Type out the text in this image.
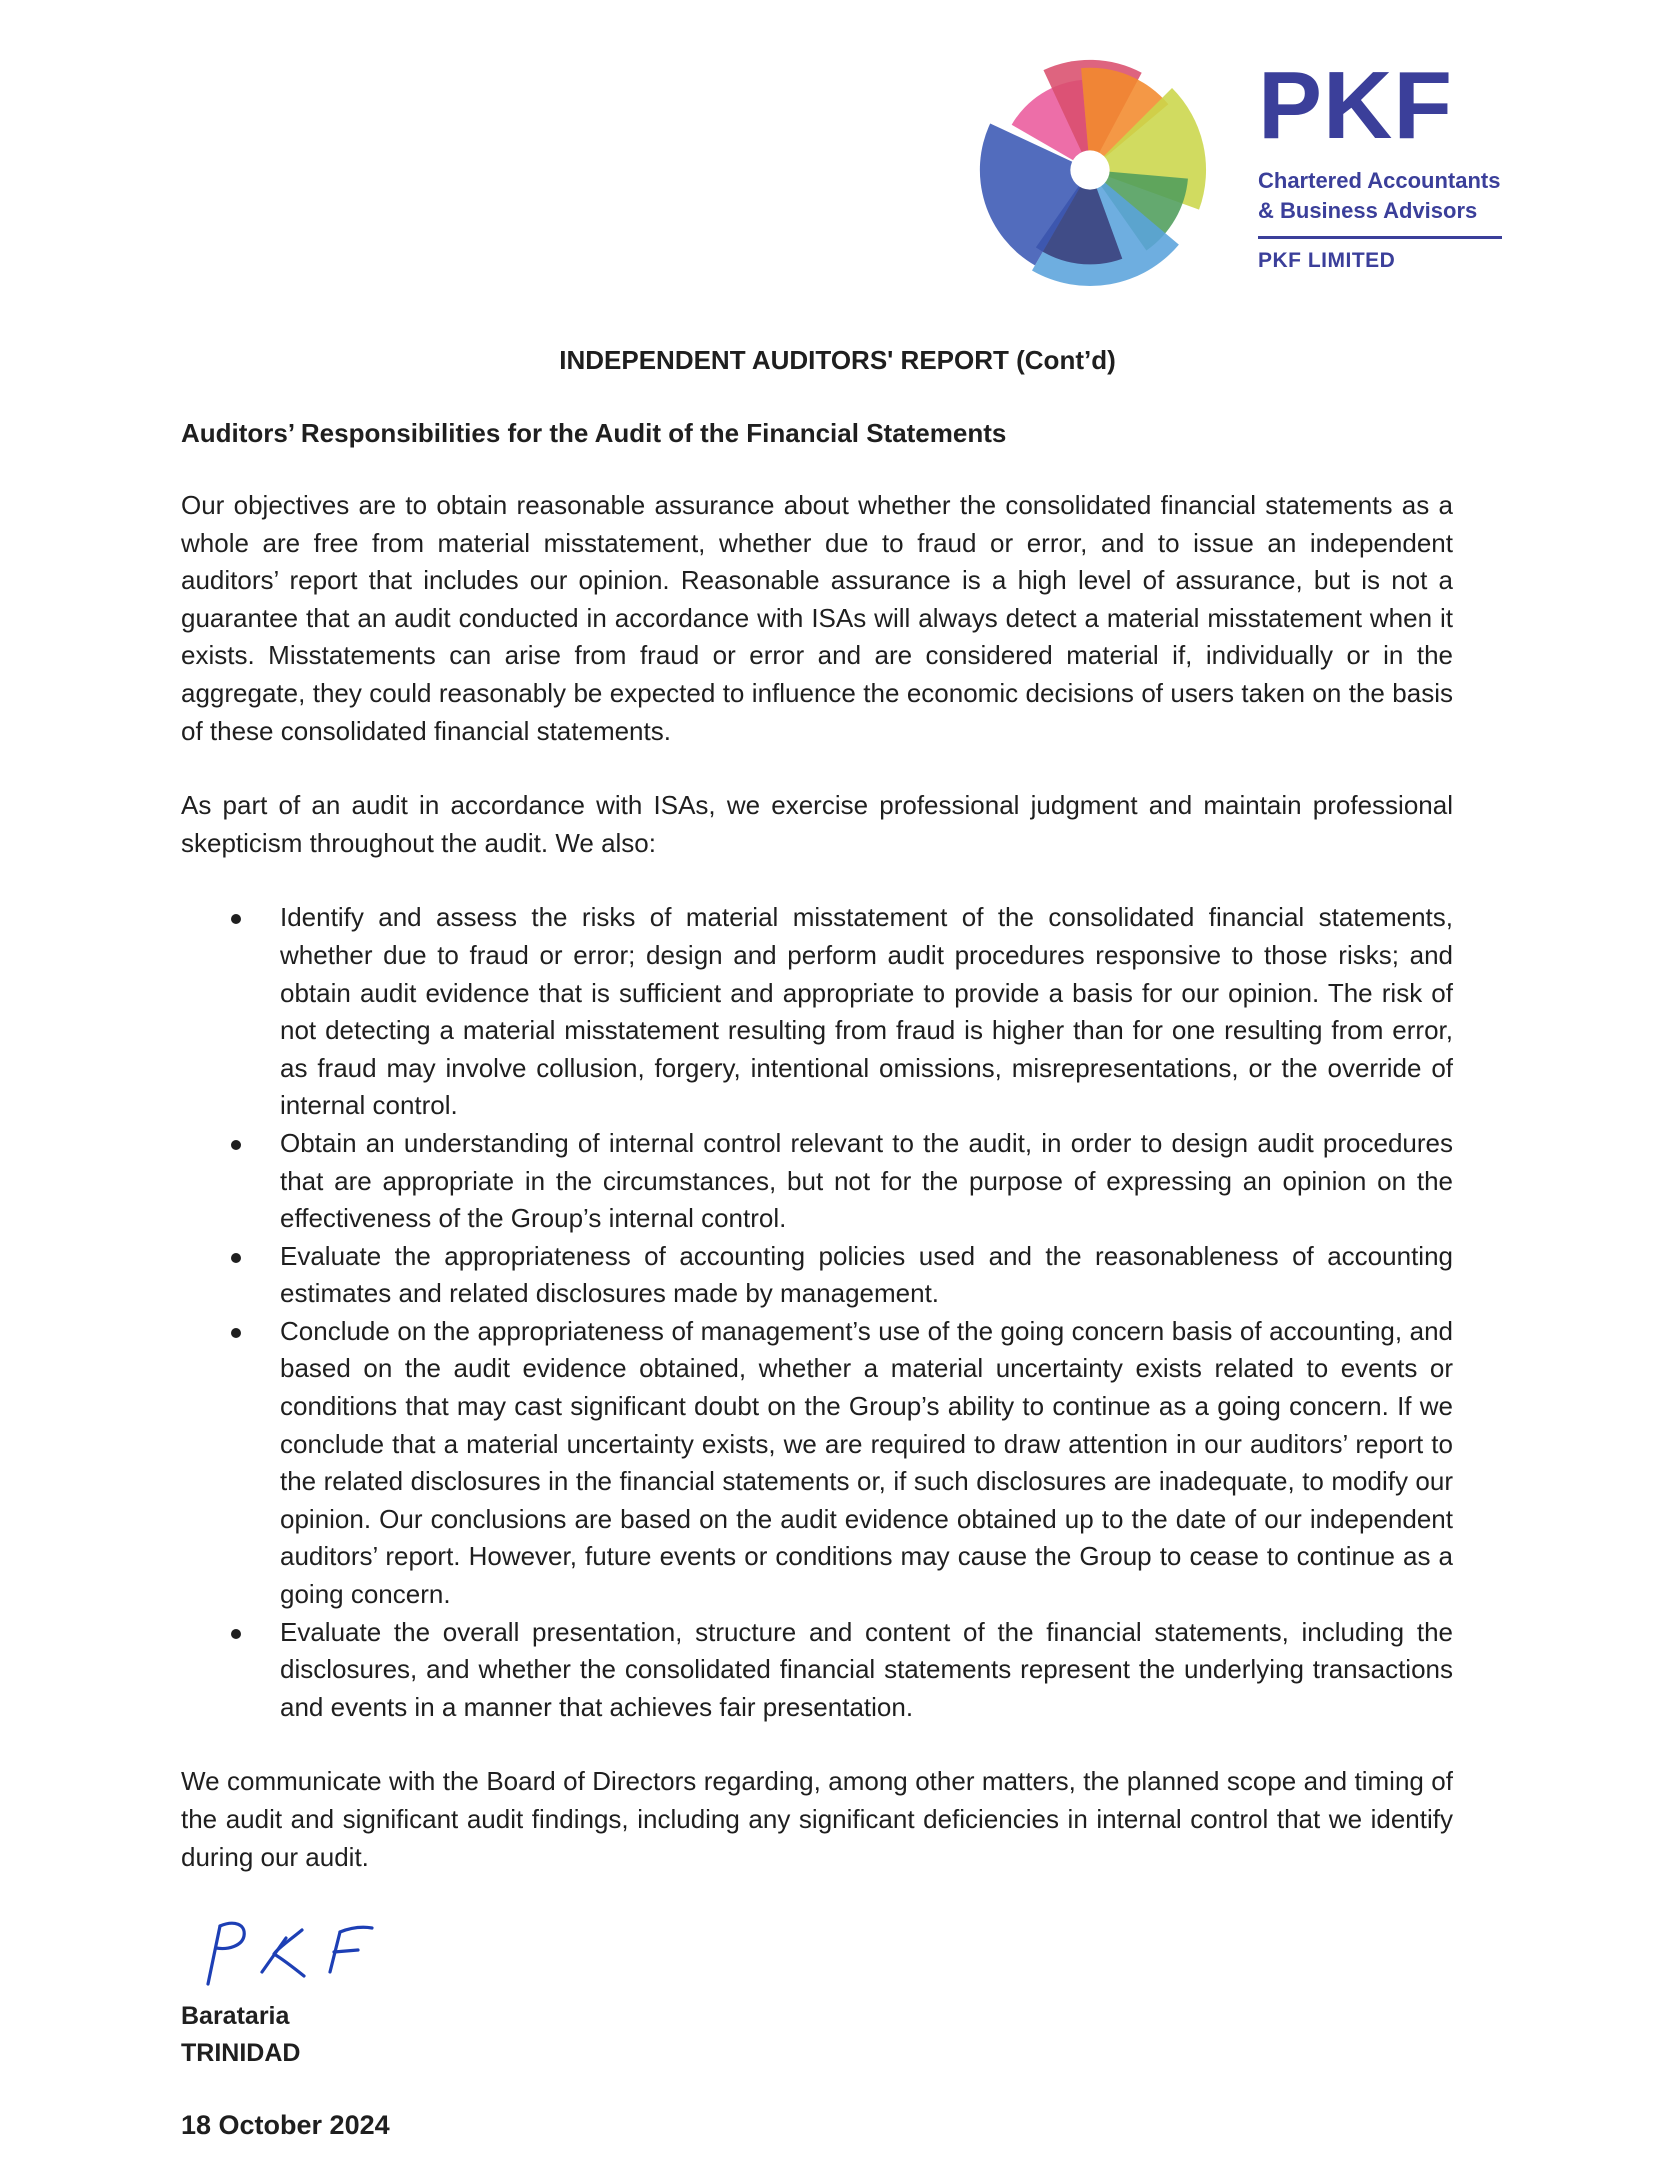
PKF
Chartered Accountants
& Business Advisors
PKF LIMITED
INDEPENDENT AUDITORS' REPORT (Cont’d)
Auditors’ Responsibilities for the Audit of the Financial Statements

Our objectives are to obtain reasonable assurance about whether the consolidated financial statements as a whole are free from material misstatement, whether due to fraud or error, and to issue an independent auditors’ report that includes our opinion. Reasonable assurance is a high level of assurance, but is not a guarantee that an audit conducted in accordance with ISAs will always detect a material misstatement when it exists. Misstatements can arise from fraud or error and are considered material if, individually or in the aggregate, they could reasonably be expected to influence the economic decisions of users taken on the basis of these consolidated financial statements.

As part of an audit in accordance with ISAs, we exercise professional judgment and maintain professional skepticism throughout the audit. We also:

Identify and assess the risks of material misstatement of the consolidated financial statements, whether due to fraud or error; design and perform audit procedures responsive to those risks; and obtain audit evidence that is sufficient and appropriate to provide a basis for our opinion. The risk of not detecting a material misstatement resulting from fraud is higher than for one resulting from error, as fraud may involve collusion, forgery, intentional omissions, misrepresentations, or the override of internal control.
Obtain an understanding of internal control relevant to the audit, in order to design audit procedures that are appropriate in the circumstances, but not for the purpose of expressing an opinion on the effectiveness of the Group’s internal control.
Evaluate the appropriateness of accounting policies used and the reasonableness of accounting estimates and related disclosures made by management.
Conclude on the appropriateness of management’s use of the going concern basis of accounting, and based on the audit evidence obtained, whether a material uncertainty exists related to events or conditions that may cast significant doubt on the Group’s ability to continue as a going concern. If we conclude that a material uncertainty exists, we are required to draw attention in our auditors’ report to the related disclosures in the financial statements or, if such disclosures are inadequate, to modify our opinion. Our conclusions are based on the audit evidence obtained up to the date of our independent auditors’ report. However, future events or conditions may cause the Group to cease to continue as a going concern.
Evaluate the overall presentation, structure and content of the financial statements, including the disclosures, and whether the consolidated financial statements represent the underlying transactions and events in a manner that achieves fair presentation.

We communicate with the Board of Directors regarding, among other matters, the planned scope and timing of the audit and significant audit findings, including any significant deficiencies in internal control that we identify during our audit.

Barataria
TRINIDAD
18 October 2024
